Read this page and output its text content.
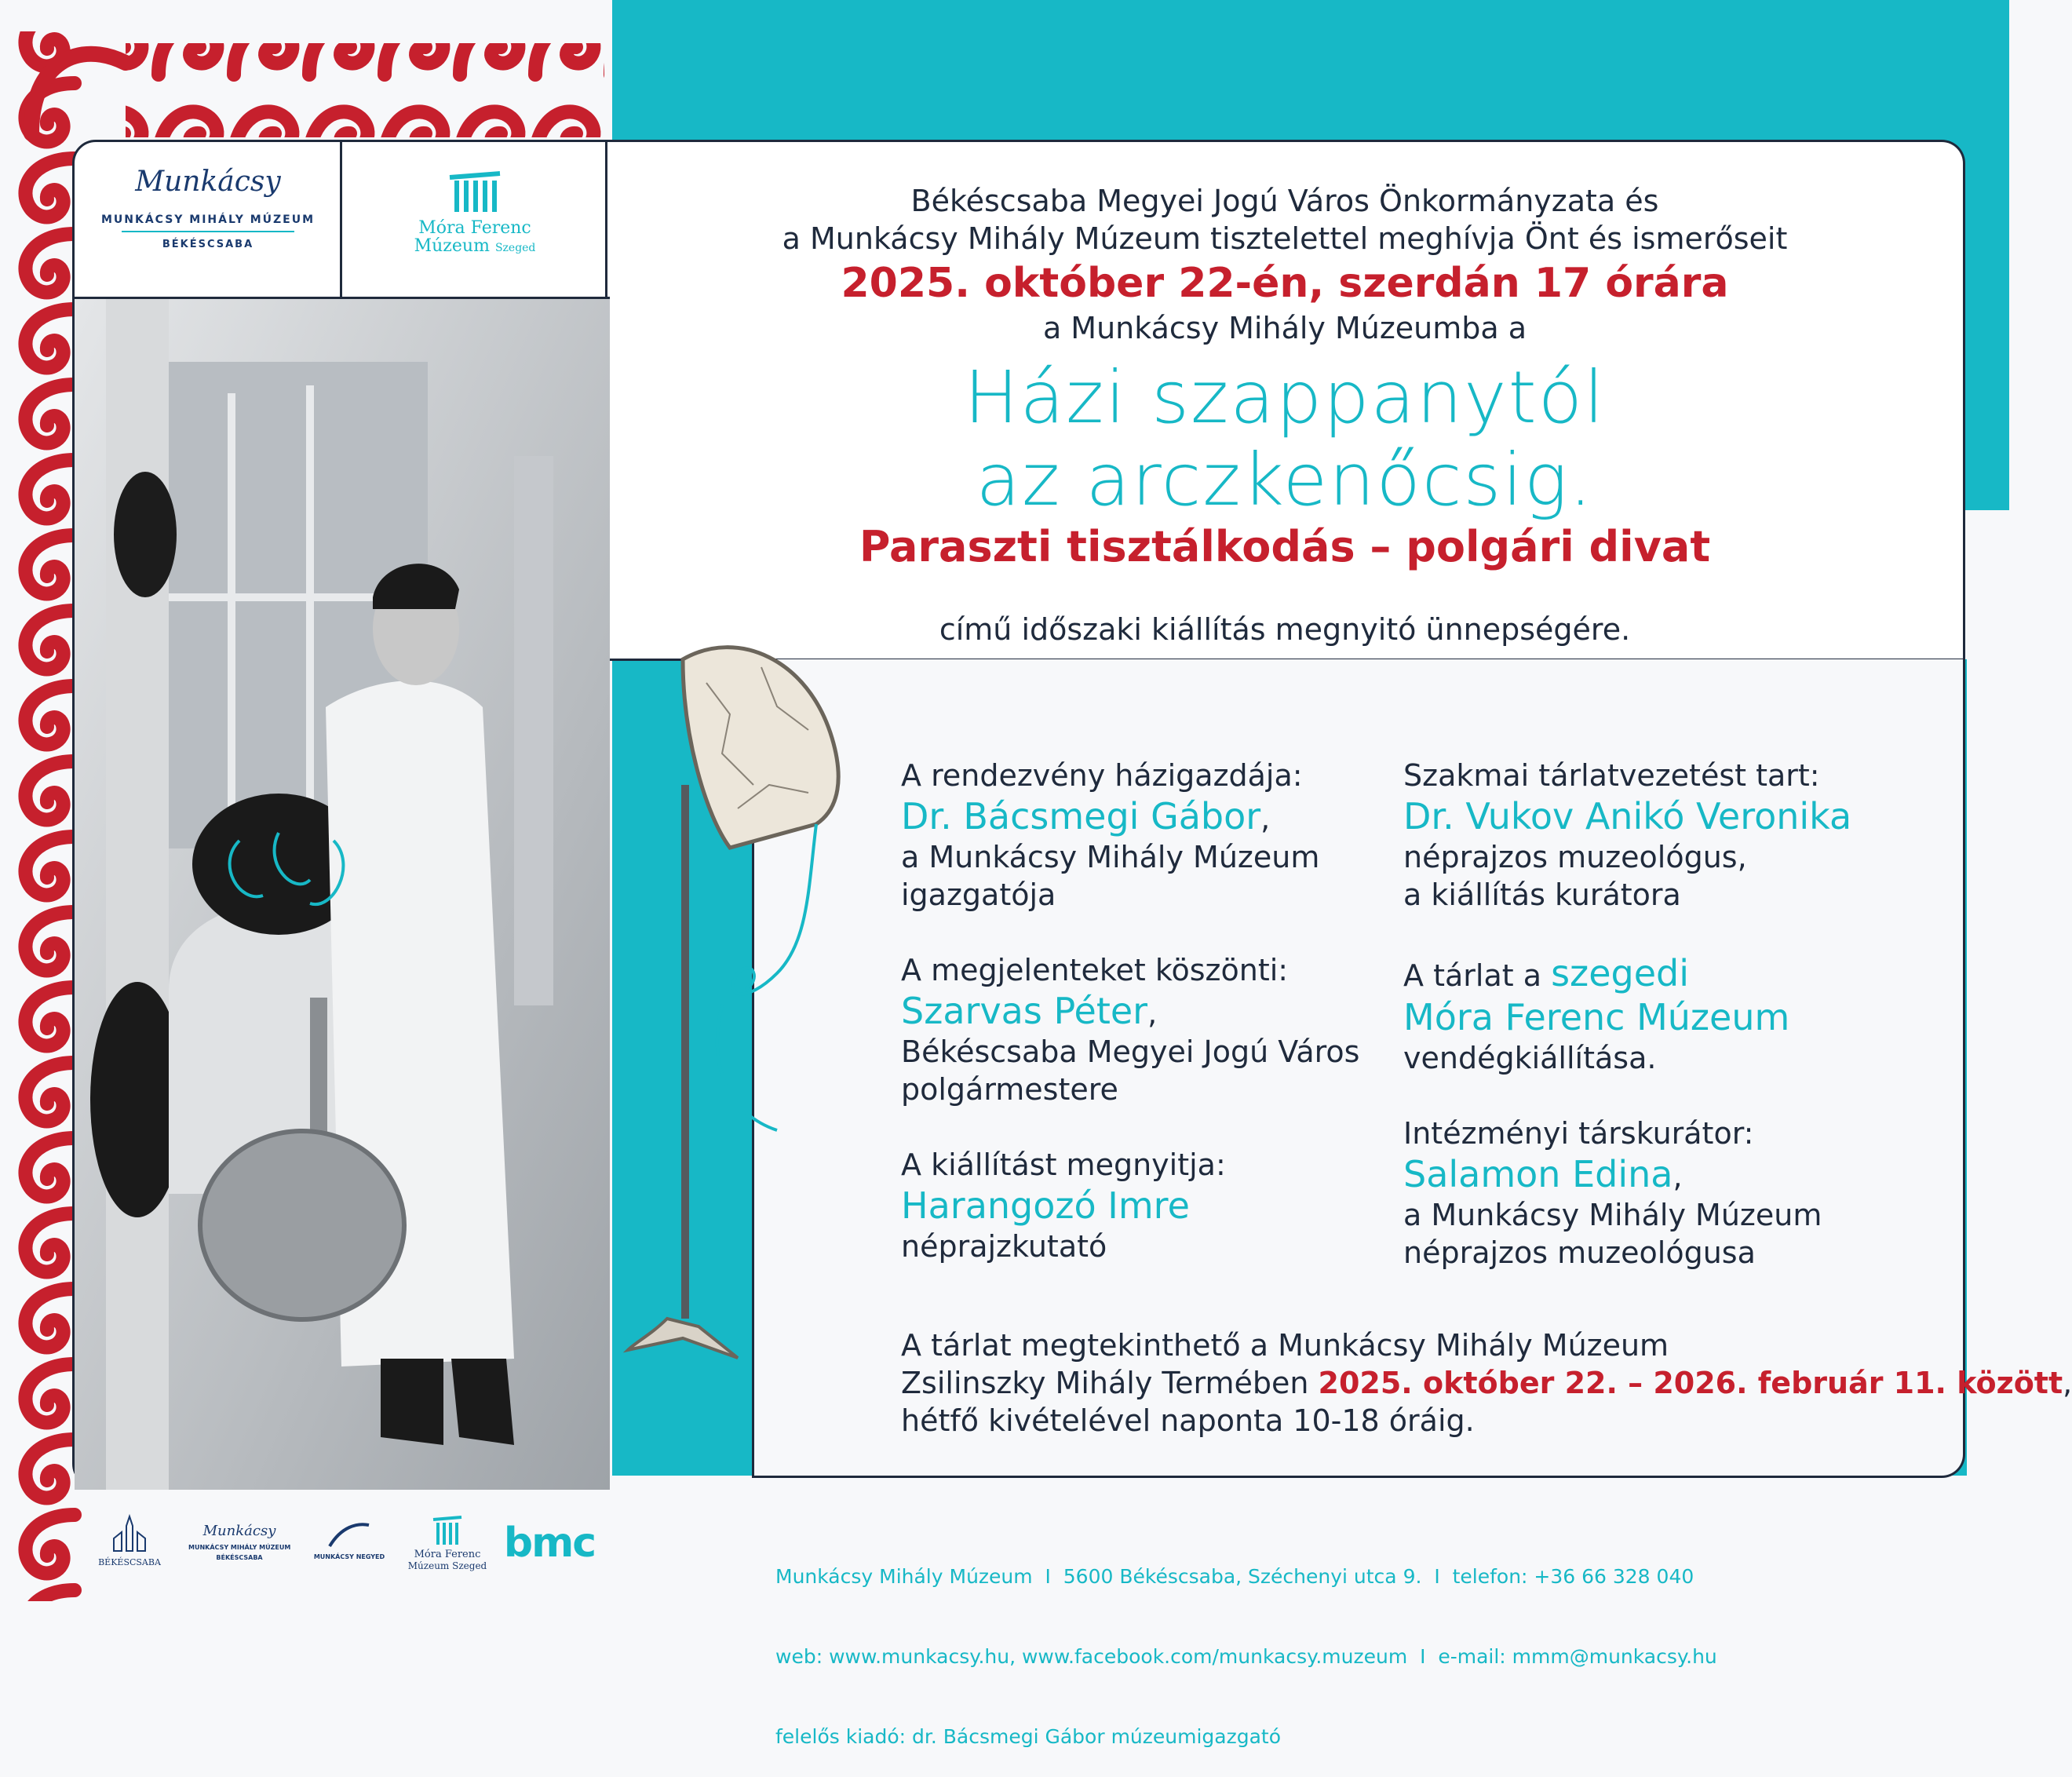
Munkácsy
MUNKÁCSY MIHÁLY MÚZEUM
BÉKÉSCSABA
Móra Ferenc
Múzeum Szeged
Békéscsaba Megyei Jogú Város Önkormányzata és
a Munkácsy Mihály Múzeum tisztelettel meghívja Önt és ismerőseit
2025. október 22-én, szerdán 17 órára
a Munkácsy Mihály Múzeumba a
Házi szappanytól
az arczkenőcsig.
Paraszti tisztálkodás – polgári divat
című időszaki kiállítás megnyitó ünnepségére.
A rendezvény házigazdája:
Dr. Bácsmegi Gábor,
a Munkácsy Mihály Múzeum
igazgatója
A megjelenteket köszönti:
Szarvas Péter,
Békéscsaba Megyei Jogú Város
polgármestere
A kiállítást megnyitja:
Harangozó Imre
néprajzkutató
Szakmai tárlatvezetést tart:
Dr. Vukov Anikó Veronika
néprajzos muzeológus,
a kiállítás kurátora
A tárlat a szegedi
Móra Ferenc Múzeum
vendégkiállítása.
Intézményi társkurátor:
Salamon Edina,
a Munkácsy Mihály Múzeum
néprajzos muzeológusa
A tárlat megtekinthető a Munkácsy Mihály Múzeum
Zsilinszky Mihály Termében 2025. október 22. – 2026. február 11. között,
hétfő kivételével naponta 10-18 óráig.

Munkácsy Mihály Múzeum  I  5600 Békéscsaba, Széchenyi utca 9.  I  telefon: +36 66 328 040

web: www.munkacsy.hu, www.facebook.com/munkacsy.muzeum  I  e-mail: mmm@munkacsy.hu

felelős kiadó: dr. Bácsmegi Gábor múzeumigazgató

BÉKÉSCSABA
Munkácsy
MUNKÁCSY MIHÁLY MÚZEUM
BÉKÉSCSABA	MUNKÁCSY NEGYED	Móra Ferenc
Múzeum Szeged bmc
